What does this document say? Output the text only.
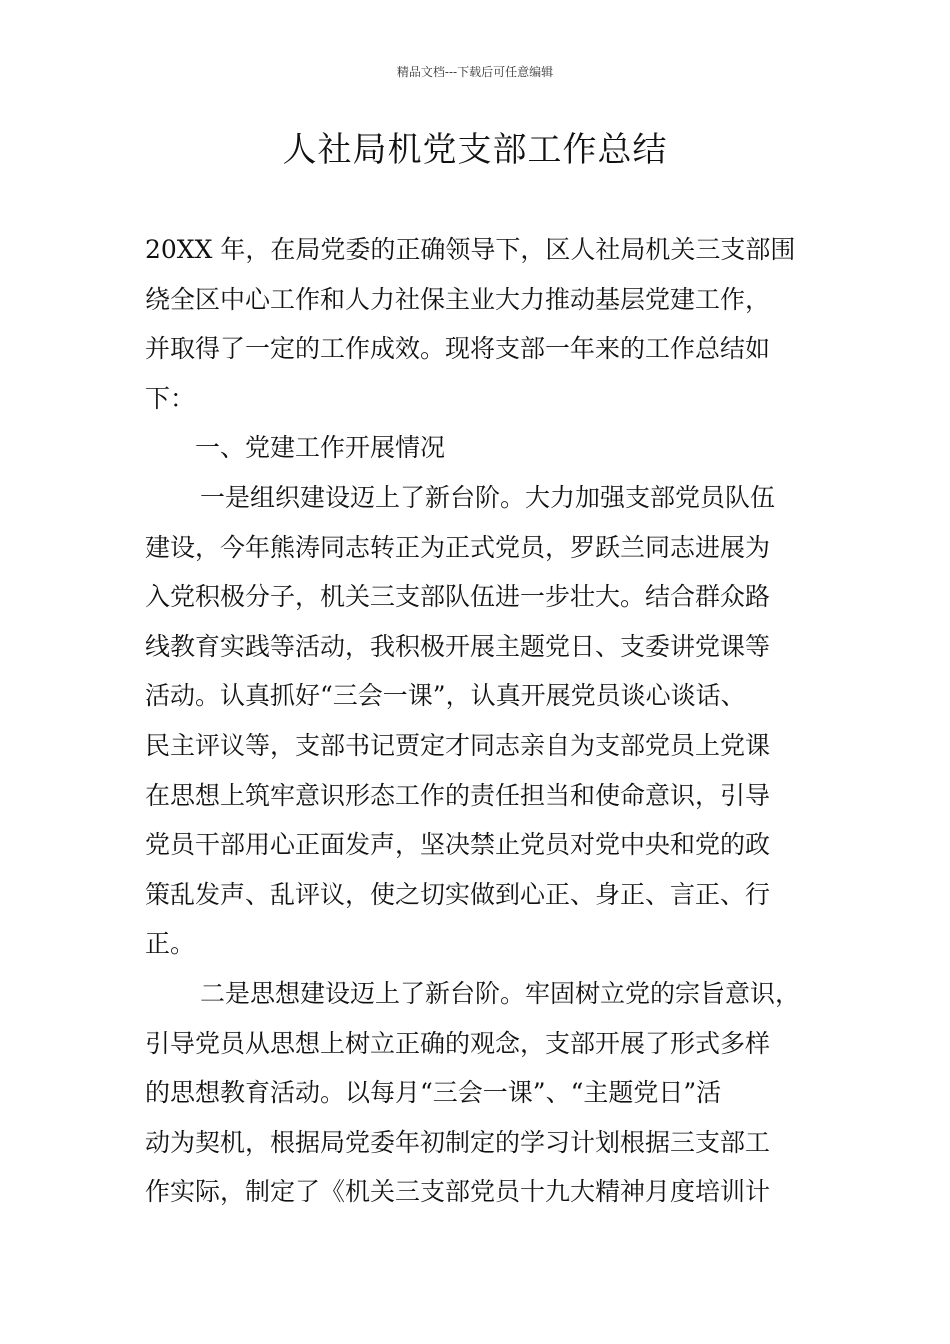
精品文档---下载后可任意编辑
人社局机党支部工作总结
20XX 年，在局党委的正确领导下，区人社局机关三支部围
绕全区中心工作和人力社保主业大力推动基层党建工作，
并取得了一定的工作成效。现将支部一年来的工作总结如
下：
一、党建工作开展情况
一是组织建设迈上了新台阶。大力加强支部党员队伍
建设，今年熊涛同志转正为正式党员，罗跃兰同志进展为
入党积极分子，机关三支部队伍进一步壮大。结合群众路
线教育实践等活动，我积极开展主题党日、支委讲党课等
活动。认真抓好“三会一课”，认真开展党员谈心谈话、
民主评议等，支部书记贾定才同志亲自为支部党员上党课
在思想上筑牢意识形态工作的责任担当和使命意识，引导
党员干部用心正面发声，坚决禁止党员对党中央和党的政
策乱发声、乱评议，使之切实做到心正、身正、言正、行
正。
二是思想建设迈上了新台阶。牢固树立党的宗旨意识，
引导党员从思想上树立正确的观念，支部开展了形式多样
的思想教育活动。以每月“三会一课”、“主题党日”活
动为契机，根据局党委年初制定的学习计划根据三支部工
作实际，制定了《机关三支部党员十九大精神月度培训计
